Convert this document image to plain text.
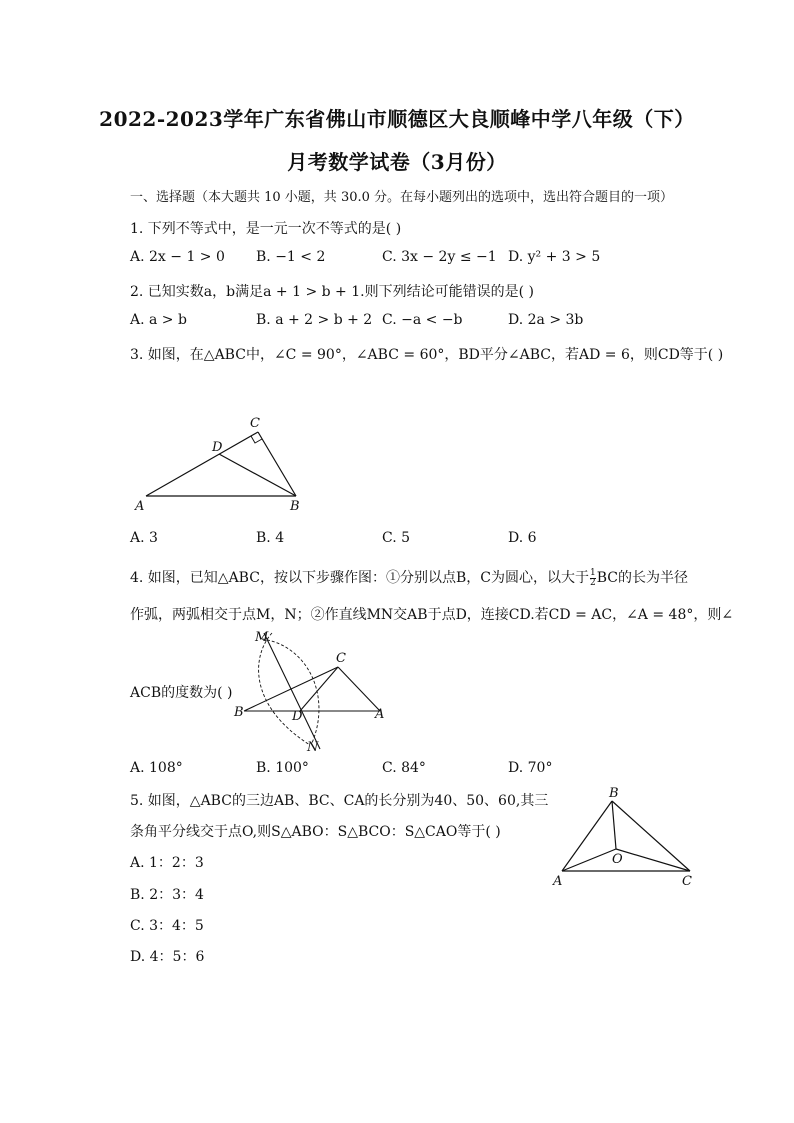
2022-2023学年广东省佛山市顺德区大良顺峰中学八年级（下）
月考数学试卷（3月份）
一、选择题（本大题共 10 小题，共 30.0 分。在每小题列出的选项中，选出符合题目的一项）
1. 下列不等式中，是一元一次不等式的是( )
A. 2x − 1 > 0 B. −1 < 2	C. 3x − 2y ≤ −1 D. y² + 3 > 5
2. 已知实数a，b满足a + 1 > b + 1.则下列结论可能错误的是( )
A. a > b	B. a + 2 > b + 2 C. −a < −b	D. 2a > 3b
3. 如图，在△ABC中，∠C = 90°，∠ABC = 60°，BD平分∠ABC，若AD = 6，则CD等于( )
C
D
A	B
A. 3	B. 4	C. 5	D. 6
4. 如图，已知△ABC，按以下步骤作图：①分别以点B，C为圆心，以大于 $\frac{1}{2}$ BC的长为半径
作弧，两弧相交于点M，N；②作直线MN交AB于点D，连接CD.若CD = AC，∠A = 48°，则∠
ACB的度数为( )
M
C
B	D	A
N
A. 108°	B. 100°	C. 84°	D. 70°
5. 如图，△ABC的三边AB、BC、CA的长分别为40、50、60,其三
条角平分线交于点O,则S△ABO：S△BCO：S△CAO等于( )
A. 1：2：3
B. 2：3：4
C. 3：4：5
D. 4：5：6
B
O
A	C
